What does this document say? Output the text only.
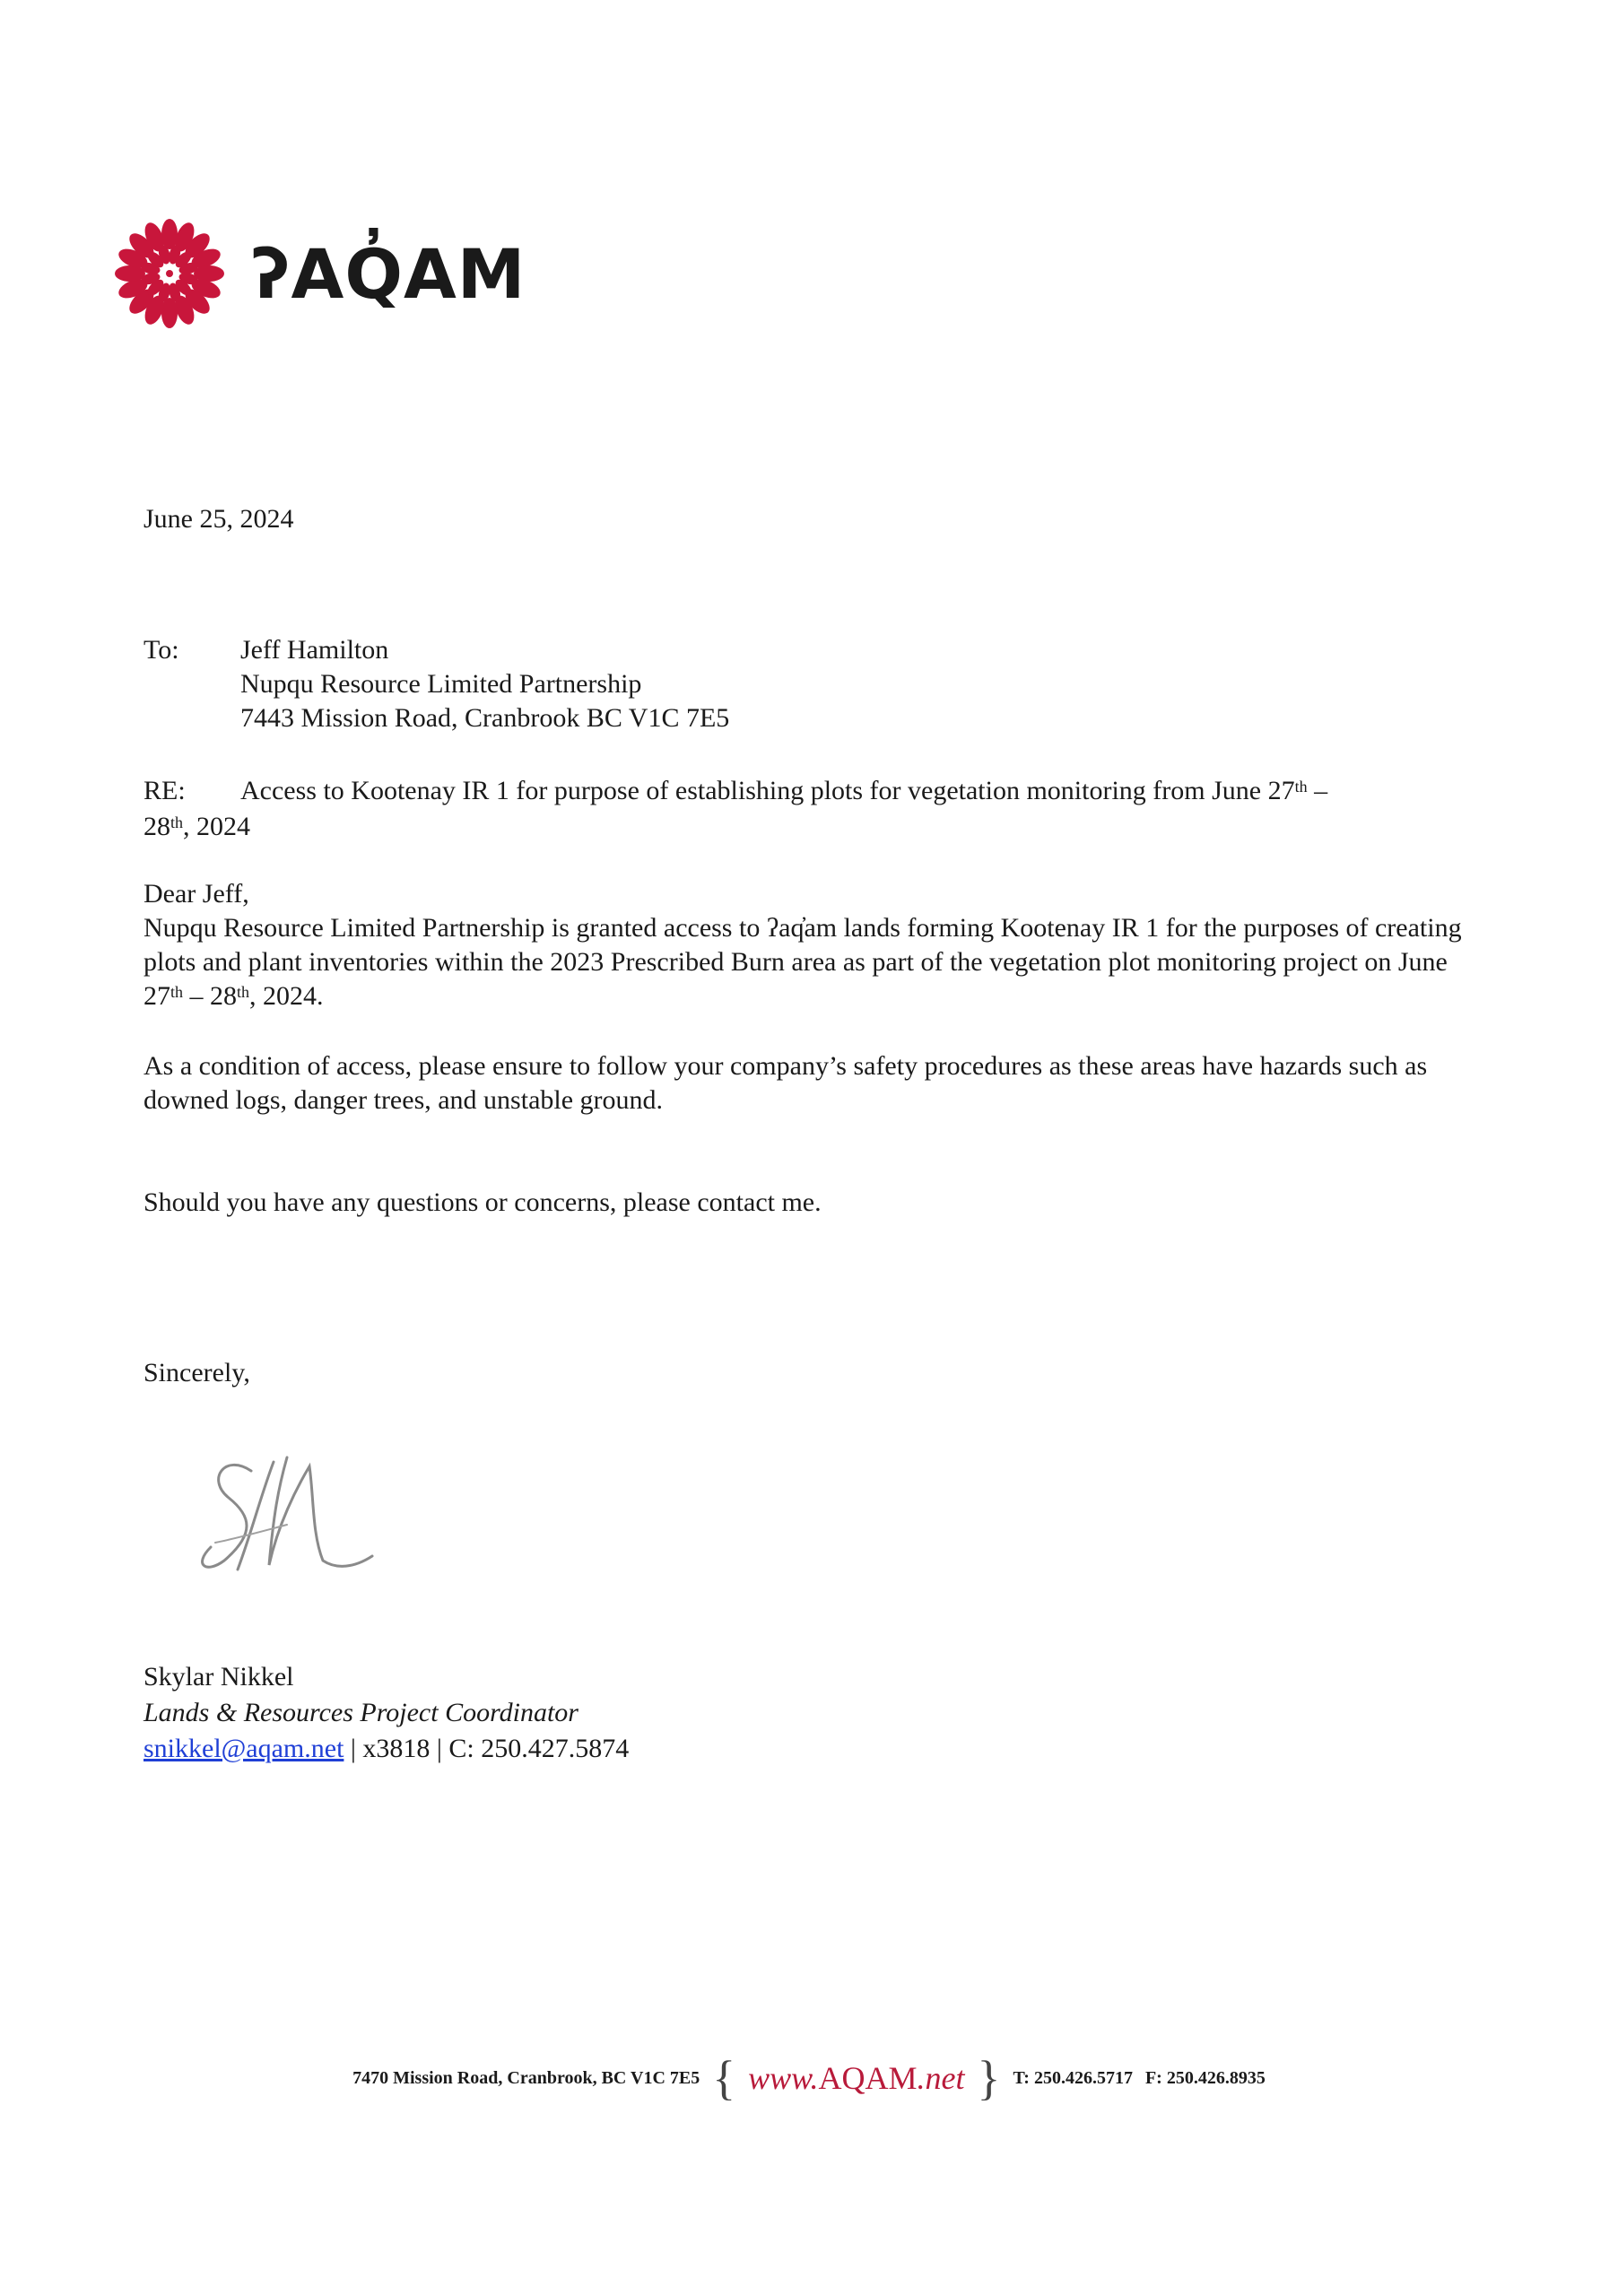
ʔAQ̓AM
June 25, 2024
To:	Jeff Hamilton
Nupqu Resource Limited Partnership
7443 Mission Road, Cranbrook BC V1C 7E5
RE: Access to Kootenay IR 1 for purpose of establishing plots for vegetation monitoring from June 27th –
28th, 2024
Dear Jeff,
Nupqu Resource Limited Partnership is granted access to ʔaq̓am lands forming Kootenay IR 1 for the purposes of creating plots and plant inventories within the 2023 Prescribed Burn area as part of the vegetation plot monitoring project on June 27th – 28th, 2024.
As a condition of access, please ensure to follow your company’s safety procedures as these areas have hazards such as downed logs, danger trees, and unstable ground.
Should you have any questions or concerns, please contact me.
Sincerely,
Skylar Nikkel
Lands & Resources Project Coordinator
snikkel@aqam.net | x3818 | C: 250.427.5874
7470 Mission Road, Cranbrook, BC V1C 7E5 { www.AQAM.net } T: 250.426.5717 F: 250.426.8935
